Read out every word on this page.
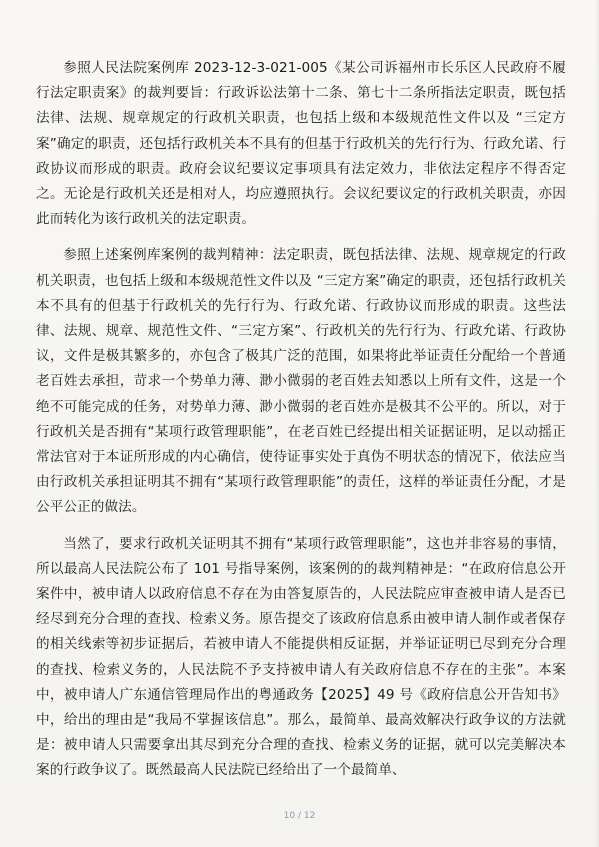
参照人民法院案例库 2023-12-3-021-005《某公司诉福州市长乐区人民政府不履行法定职责案》的裁判要旨：行政诉讼法第十二条、第七十二条所指法定职责，既包括法律、法规、规章规定的行政机关职责，也包括上级和本级规范性文件以及 “三定方案”确定的职责，还包括行政机关本不具有的但基于行政机关的先行行为、行政允诺、行政协议而形成的职责。政府会议纪要议定事项具有法定效力，非依法定程序不得否定之。无论是行政机关还是相对人，均应遵照执行。会议纪要议定的行政机关职责，亦因此而转化为该行政机关的法定职责。

参照上述案例库案例的裁判精神：法定职责，既包括法律、法规、规章规定的行政机关职责，也包括上级和本级规范性文件以及 “三定方案”确定的职责，还包括行政机关本不具有的但基于行政机关的先行行为、行政允诺、行政协议而形成的职责。这些法律、法规、规章、规范性文件、“三定方案”、行政机关的先行行为、行政允诺、行政协议，文件是极其繁多的，亦包含了极其广泛的范围，如果将此举证责任分配给一个普通老百姓去承担，苛求一个势单力薄、渺小微弱的老百姓去知悉以上所有文件，这是一个绝不可能完成的任务，对势单力薄、渺小微弱的老百姓亦是极其不公平的。所以，对于行政机关是否拥有“某项行政管理职能”，在老百姓已经提出相关证据证明，足以动摇正常法官对于本证所形成的内心确信，使待证事实处于真伪不明状态的情况下，依法应当由行政机关承担证明其不拥有“某项行政管理职能”的责任，这样的举证责任分配，才是公平公正的做法。

当然了，要求行政机关证明其不拥有“某项行政管理职能”，这也并非容易的事情，所以最高人民法院公布了 101 号指导案例，该案例的的裁判精神是：“在政府信息公开案件中，被申请人以政府信息不存在为由答复原告的，人民法院应审查被申请人是否已经尽到充分合理的查找、检索义务。原告提交了该政府信息系由被申请人制作或者保存的相关线索等初步证据后，若被申请人不能提供相反证据，并举证证明已尽到充分合理的查找、检索义务的，人民法院不予支持被申请人有关政府信息不存在的主张”。本案中，被申请人广东通信管理局作出的粤通政务【2025】49 号《政府信息公开告知书》中，给出的理由是“我局不掌握该信息”。那么，最简单、最高效解决行政争议的方法就是：被申请人只需要拿出其尽到充分合理的查找、检索义务的证据，就可以完美解决本案的行政争议了。既然最高人民法院已经给出了一个最简单、

10 / 12
